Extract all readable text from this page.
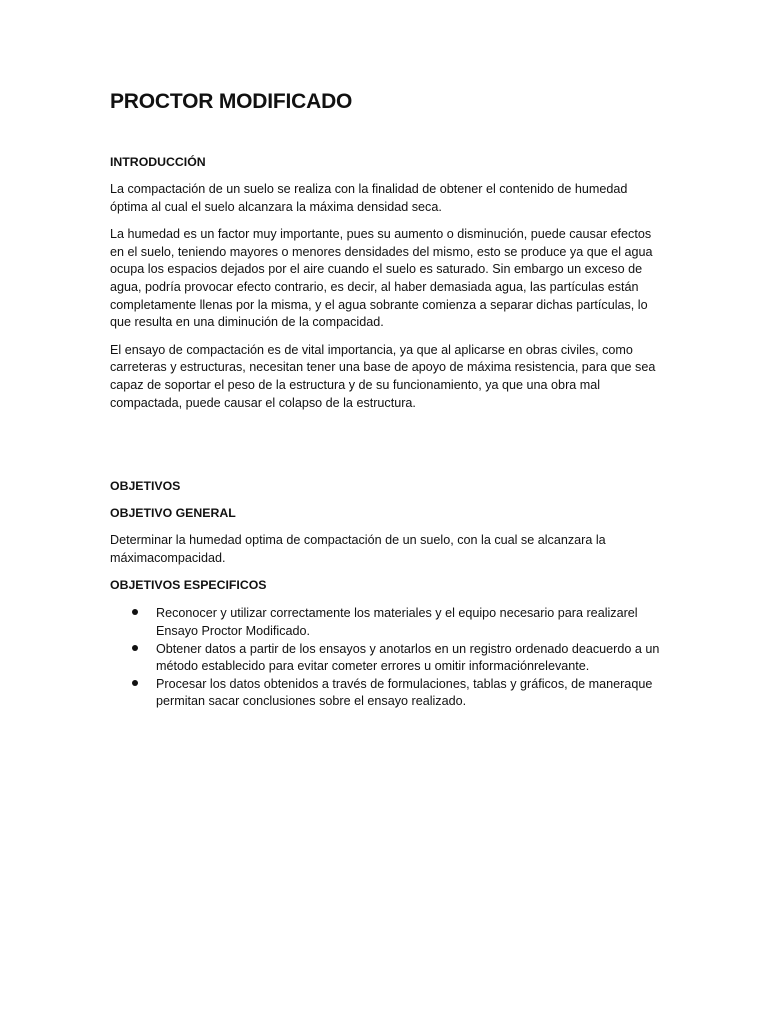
PROCTOR MODIFICADO
INTRODUCCIÓN

La compactación de un suelo se realiza con la finalidad de obtener el contenido de humedad óptima al cual el suelo alcanzara la máxima densidad seca.

La humedad es un factor muy importante, pues su aumento o disminución, puede causar efectos en el suelo, teniendo mayores o menores densidades del mismo, esto se produce ya que el agua ocupa los espacios dejados por el aire cuando el suelo es saturado. Sin embargo un exceso de agua, podría provocar efecto contrario, es decir, al haber demasiada agua, las partículas están completamente llenas por la misma, y el agua sobrante comienza a separar dichas partículas, lo que resulta en una diminución de la compacidad.

El ensayo de compactación es de vital importancia, ya que al aplicarse en obras civiles, como carreteras y estructuras, necesitan tener una base de apoyo de máxima resistencia, para que sea capaz de soportar el peso de la estructura y de su funcionamiento, ya que una obra mal compactada, puede causar el colapso de la estructura.

OBJETIVOS
OBJETIVO GENERAL

Determinar la humedad optima de compactación de un suelo, con la cual se alcanzara la máximacompacidad.

OBJETIVOS ESPECIFICOS
Reconocer y utilizar correctamente los materiales y el equipo necesario para realizarel Ensayo Proctor Modificado.
Obtener datos a partir de los ensayos y anotarlos en un registro ordenado deacuerdo a un método establecido para evitar cometer errores u omitir informaciónrelevante.
Procesar los datos obtenidos a través de formulaciones, tablas y gráficos, de maneraque permitan sacar conclusiones sobre el ensayo realizado.
